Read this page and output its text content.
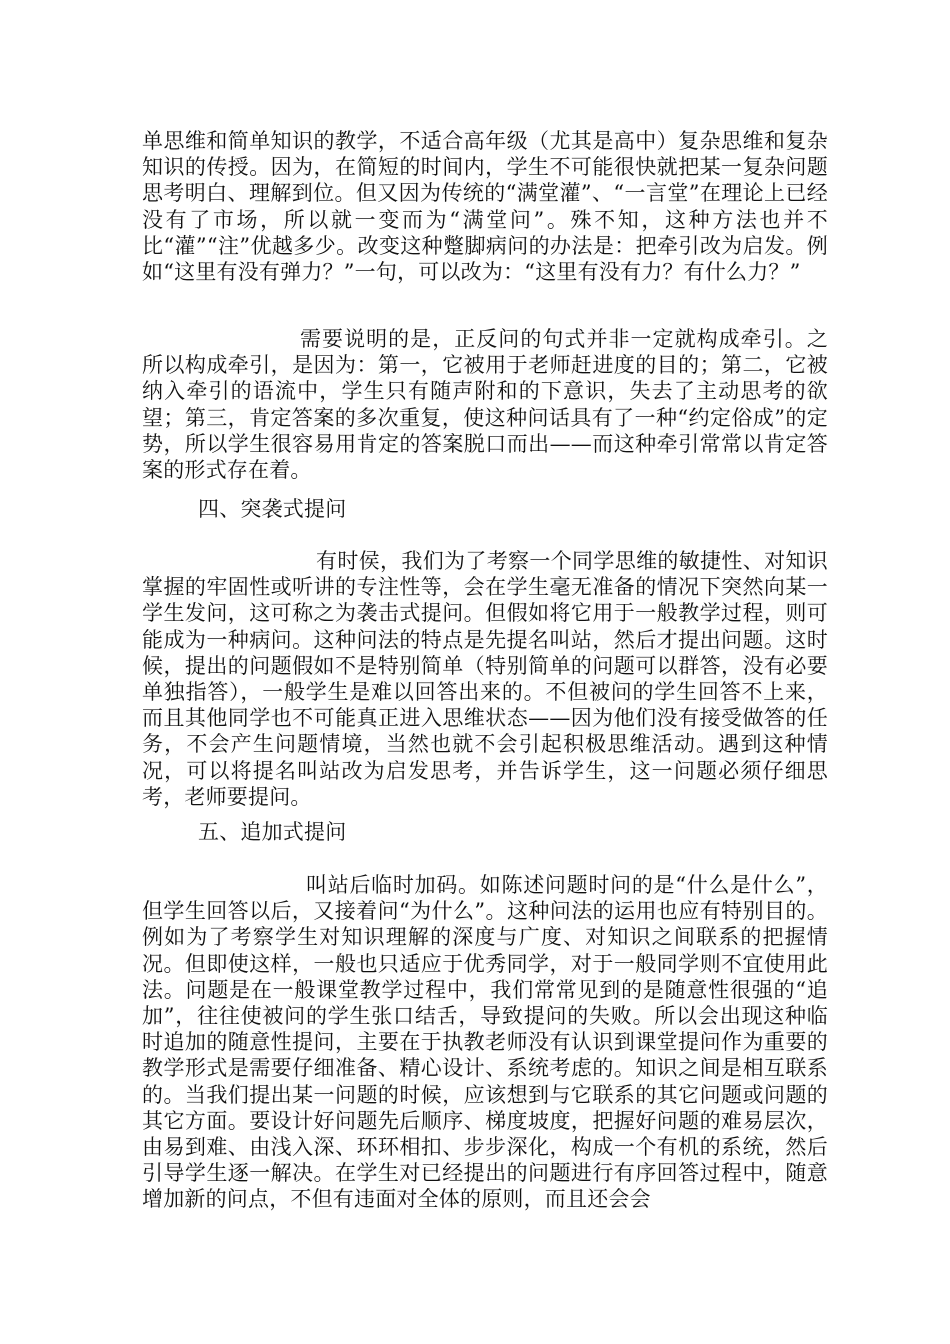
单思维和简单知识的教学，不适合高年级（尤其是高中）复杂思维和复杂知识的传授。因为，在简短的时间内，学生不可能很快就把某一复杂问题思考明白、理解到位。但又因为传统的“满堂灌”、“一言堂”在理论上已经没有了市场，所以就一变而为“满堂问”。殊不知，这种方法也并不比“灌”“注”优越多少。改变这种蹩脚病问的办法是：把牵引改为启发。例如“这里有没有弹力？”一句，可以改为：“这里有没有力？有什么力？”
需要说明的是，正反问的句式并非一定就构成牵引。之所以构成牵引，是因为：第一，它被用于老师赶进度的目的；第二，它被纳入牵引的语流中，学生只有随声附和的下意识，失去了主动思考的欲望；第三，肯定答案的多次重复，使这种问话具有了一种“约定俗成”的定势，所以学生很容易用肯定的答案脱口而出——而这种牵引常常以肯定答案的形式存在着。
四、突袭式提问
有时侯，我们为了考察一个同学思维的敏捷性、对知识掌握的牢固性或听讲的专注性等，会在学生毫无准备的情况下突然向某一学生发问，这可称之为袭击式提问。但假如将它用于一般教学过程，则可能成为一种病问。这种问法的特点是先提名叫站，然后才提出问题。这时候，提出的问题假如不是特别简单（特别简单的问题可以群答，没有必要单独指答），一般学生是难以回答出来的。不但被问的学生回答不上来，而且其他同学也不可能真正进入思维状态——因为他们没有接受做答的任务，不会产生问题情境，当然也就不会引起积极思维活动。遇到这种情况，可以将提名叫站改为启发思考，并告诉学生，这一问题必须仔细思考，老师要提问。
五、追加式提问
叫站后临时加码。如陈述问题时问的是“什么是什么”，但学生回答以后，又接着问“为什么”。这种问法的运用也应有特别目的。例如为了考察学生对知识理解的深度与广度、对知识之间联系的把握情况。但即使这样，一般也只适应于优秀同学，对于一般同学则不宜使用此法。问题是在一般课堂教学过程中，我们常常见到的是随意性很强的“追加”，往往使被问的学生张口结舌，导致提问的失败。所以会出现这种临时追加的随意性提问，主要在于执教老师没有认识到课堂提问作为重要的教学形式是需要仔细准备、精心设计、系统考虑的。知识之间是相互联系的。当我们提出某一问题的时候，应该想到与它联系的其它问题或问题的其它方面。要设计好问题先后顺序、梯度坡度，把握好问题的难易层次，由易到难、由浅入深、环环相扣、步步深化，构成一个有机的系统，然后引导学生逐一解决。在学生对已经提出的问题进行有序回答过程中，随意增加新的问点，不但有违面对全体的原则，而且还会会
